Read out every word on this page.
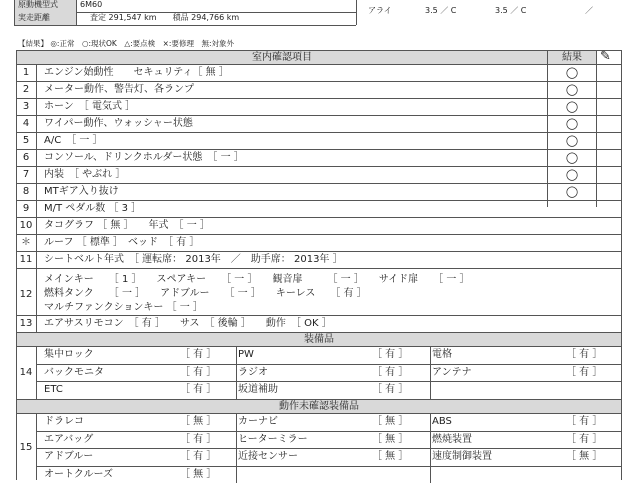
原動機型式	6M60
実走距離	査定 291,547 km　　積品 294,766 km
アライ	3.5 ／ C	3.5 ／ C	／
【結果】 ◎:正常　○:現状OK　△:要点検　×:要修理　無:対象外
室内確認項目	結果	✎
1	エンジン始動性　　セキュリティ［ 無 ］	◯
2	メーター動作、警告灯、各ランプ	◯
3	ホーン　［ 電気式 ］	◯
4	ワイパー動作、ウォッシャー状態	◯
5	A/C　［ 一 ］	◯
6	コンソール、ドリンクホルダー状態　［ 一 ］	◯
7	内装　［ やぶれ ］	◯
8	MTギア入り抜け	◯
9	M/T ペダル数 ［ 3 ］
10	タコグラフ ［ 無 ］　　年式　［ 一 ］
＊	ルーフ ［ 標準 ］　ベッド　［ 有 ］
11	シートベルト年式　［ 運転席： 2013年　／　助手席： 2013年 ］
12
メインキー　　［ 1 ］　　スペアキー　　［ 一 ］　　観音扉　　　［ 一 ］　　サイド扉　　［ 一 ］
燃料タンク　　［ 一 ］　　アドブルー　　［ 一 ］　　キーレス　　［ 有 ］
マルチファンクションキー ［ 一 ］
13	エアサスリモコン　［ 有 ］　　サス　［ 後輪 ］　　動作　［ OK ］
装備品
14
集中ロック	［ 有 ］ PW	［ 有 ］ 電格	［ 有 ］
バックモニタ	［ 有 ］ ラジオ	［ 有 ］ アンテナ	［ 有 ］
ETC	［ 有 ］ 坂道補助	［ 有 ］
動作未確認装備品
15
ドラレコ	［ 無 ］ カーナビ	［ 無 ］ ABS	［ 有 ］
エアバッグ	［ 有 ］ ヒーターミラー	［ 無 ］ 燃焼装置	［ 有 ］
アドブルー	［ 有 ］ 近接センサー	［ 無 ］ 速度制御装置	［ 無 ］
オートクルーズ	［ 無 ］
